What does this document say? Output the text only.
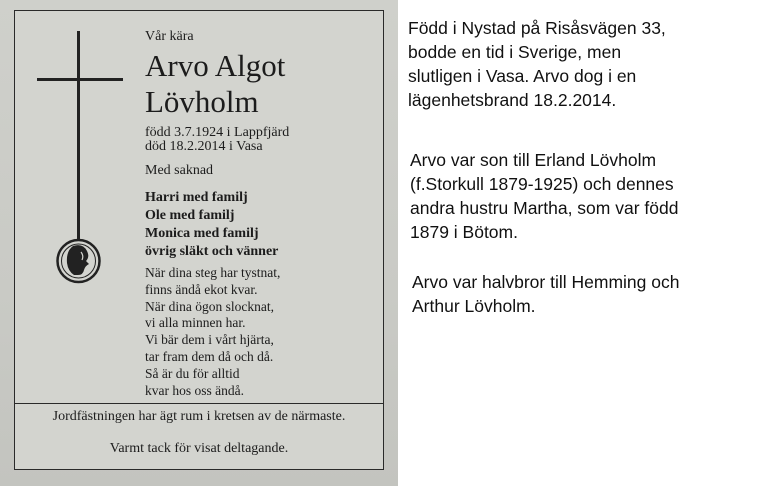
Vår kära

Arvo Algot

Lövholm

född 3.7.1924 i Lappfjärd

död 18.2.2014 i Vasa

Med saknad

Harri med familj
Ole med familj
Monica med familj
övrig släkt och vänner
När dina steg har tystnat,
finns ändå ekot kvar.
När dina ögon slocknat,
vi alla minnen har.
Vi bär dem i vårt hjärta,
tar fram dem då och då.
Så är du för alltid
kvar hos oss ändå.

Jordfästningen har ägt rum i kretsen av de närmaste.

Varmt tack för visat deltagande.

Född i Nystad på Risåsvägen 33,
bodde en tid i Sverige, men
slutligen i Vasa. Arvo dog i en
lägenhetsbrand 18.2.2014.
Arvo var son till Erland Lövholm
(f.Storkull 1879-1925) och dennes
andra hustru Martha, som var född
1879 i Bötom.
Arvo var halvbror till Hemming och
Arthur Lövholm.
